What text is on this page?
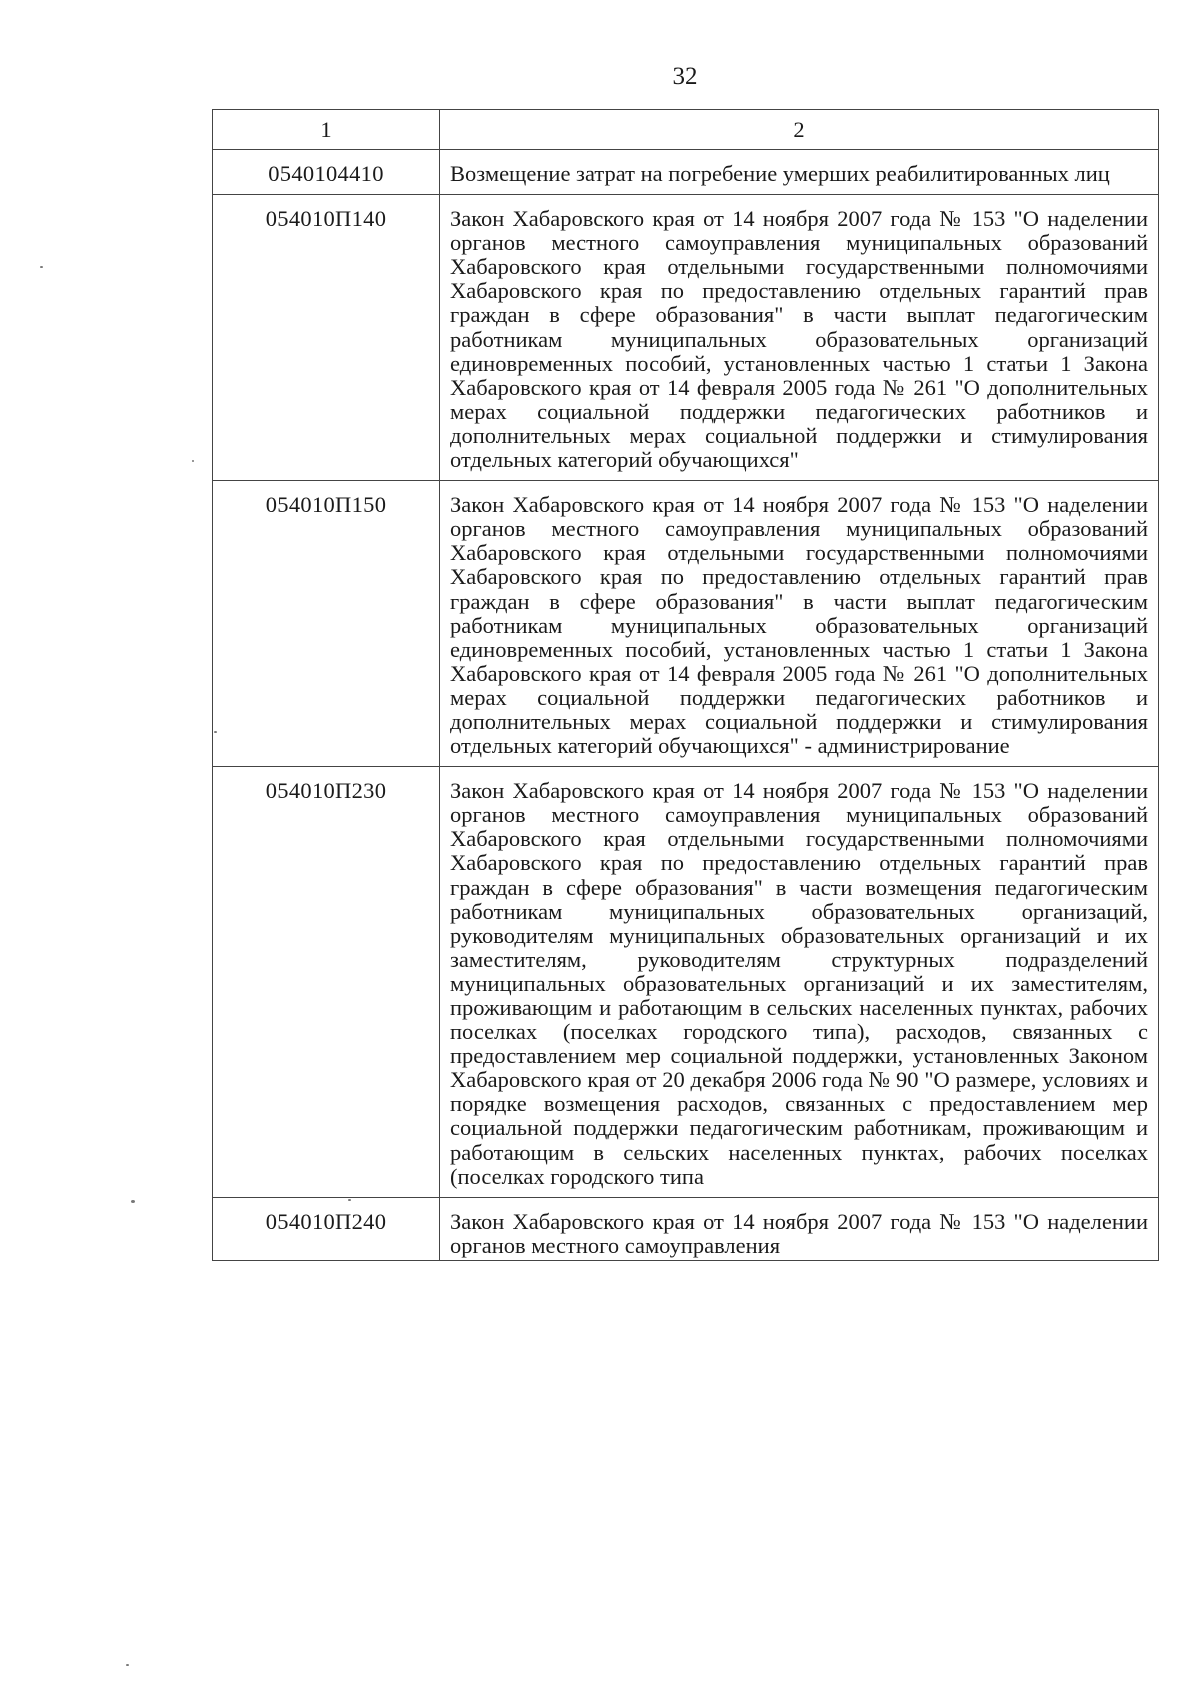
32
1	2
0540104410	Возмещение затрат на погребение умерших реабилитированных лиц
054010П140	Закон Хабаровского края от 14 ноября 2007 года № 153 "О наделении органов местного самоуправления муниципальных образований Хабаровского края отдельными государственными полномочиями Хабаровского края по предоставлению отдельных гарантий прав граждан в сфере образования" в части выплат педагогическим работникам муниципальных образовательных организаций единовременных пособий, установленных частью 1 статьи 1 Закона Хабаровского края от 14 февраля 2005 года № 261 "О дополнительных мерах социальной поддержки педагогических работников и дополнительных мерах социальной поддержки и стимулирования отдельных категорий обучающихся"
054010П150	Закон Хабаровского края от 14 ноября 2007 года № 153 "О наделении органов местного самоуправления муниципальных образований Хабаровского края отдельными государственными полномочиями Хабаровского края по предоставлению отдельных гарантий прав граждан в сфере образования" в части выплат педагогическим работникам муниципальных образовательных организаций единовременных пособий, установленных частью 1 статьи 1 Закона Хабаровского края от 14 февраля 2005 года № 261 "О дополнительных мерах социальной поддержки педагогических работников и дополнительных мерах социальной поддержки и стимулирования отдельных категорий обучающихся" - администрирование
054010П230	Закон Хабаровского края от 14 ноября 2007 года № 153 "О наделении органов местного самоуправления муниципальных образований Хабаровского края отдельными государственными полномочиями Хабаровского края по предоставлению отдельных гарантий прав граждан в сфере образования" в части возмещения педагогическим работникам муниципальных образовательных организаций, руководителям муниципальных образовательных организаций и их заместителям, руководителям структурных подразделений муниципальных образовательных организаций и их заместителям, проживающим и работающим в сельских населенных пунктах, рабочих поселках (поселках городского типа), расходов, связанных с предоставлением мер социальной поддержки, установленных Законом Хабаровского края от 20 декабря 2006 года № 90 "О размере, условиях и порядке возмещения расходов, связанных с предоставлением мер социальной поддержки педагогическим работникам, проживающим и работающим в сельских населенных пунктах, рабочих поселках (поселках городского типа
054010П240	Закон Хабаровского края от 14 ноября 2007 года № 153 "О наделении органов местного самоуправления
